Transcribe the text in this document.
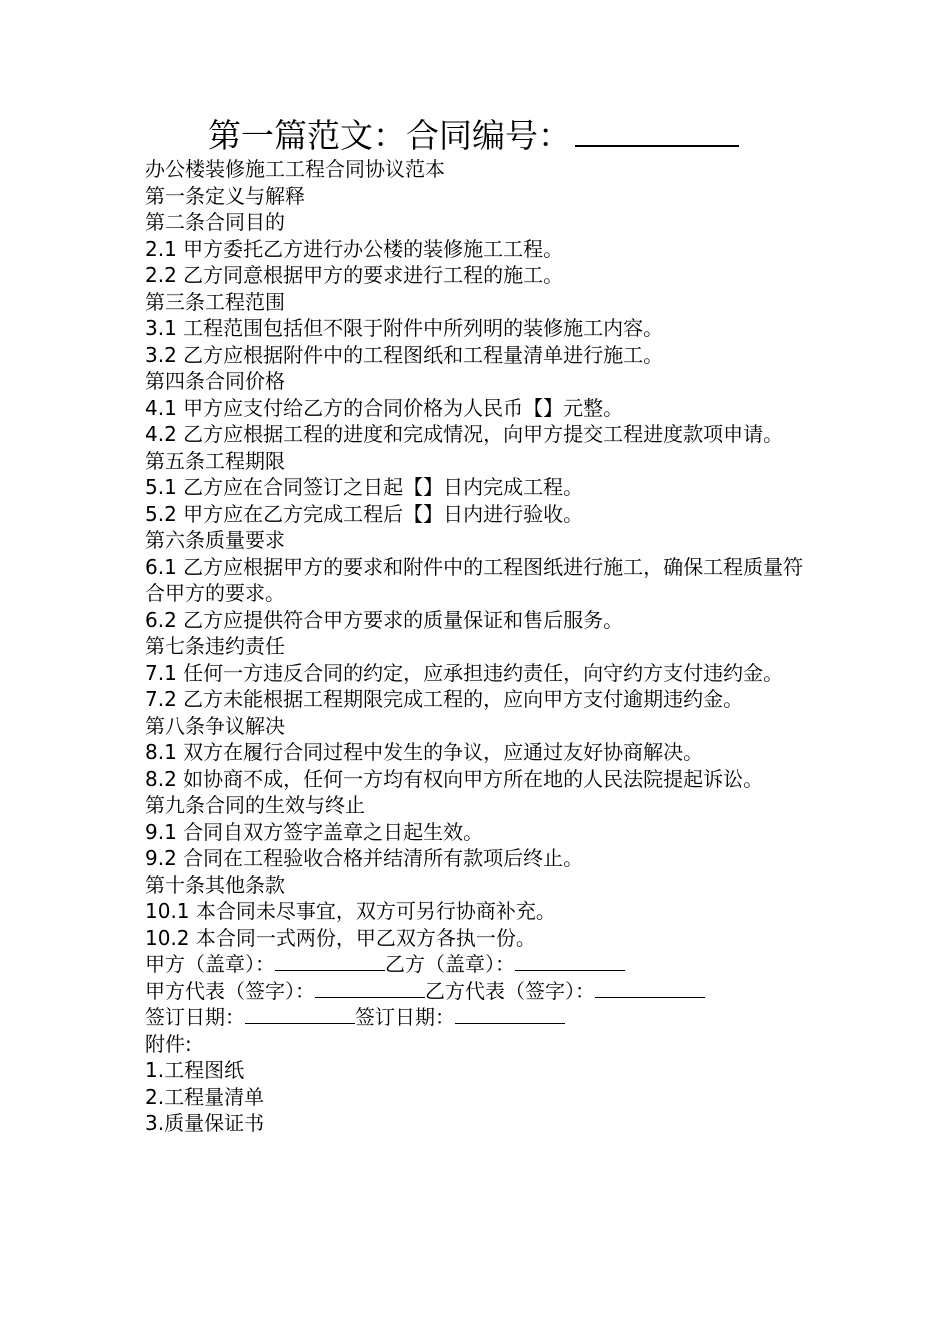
第一篇范文：合同编号：

办公楼装修施工工程合同协议范本

第一条定义与解释

第二条合同目的

2.1 甲方委托乙方进行办公楼的装修施工工程。

2.2 乙方同意根据甲方的要求进行工程的施工。

第三条工程范围

3.1 工程范围包括但不限于附件中所列明的装修施工内容。

3.2 乙方应根据附件中的工程图纸和工程量清单进行施工。

第四条合同价格

4.1 甲方应支付给乙方的合同价格为人民币【】元整。

4.2 乙方应根据工程的进度和完成情况，向甲方提交工程进度款项申请。

第五条工程期限

5.1 乙方应在合同签订之日起【】日内完成工程。

5.2 甲方应在乙方完成工程后【】日内进行验收。

第六条质量要求

6.1 乙方应根据甲方的要求和附件中的工程图纸进行施工，确保工程质量符合甲方的要求。

6.2 乙方应提供符合甲方要求的质量保证和售后服务。

第七条违约责任

7.1 任何一方违反合同的约定，应承担违约责任，向守约方支付违约金。

7.2 乙方未能根据工程期限完成工程的，应向甲方支付逾期违约金。

第八条争议解决

8.1 双方在履行合同过程中发生的争议，应通过友好协商解决。

8.2 如协商不成，任何一方均有权向甲方所在地的人民法院提起诉讼。

第九条合同的生效与终止

9.1 合同自双方签字盖章之日起生效。

9.2 合同在工程验收合格并结清所有款项后终止。

第十条其他条款

10.1 本合同未尽事宜，双方可另行协商补充。

10.2 本合同一式两份，甲乙双方各执一份。

甲方（盖章）：	乙方（盖章）：

甲方代表（签字）：	乙方代表（签字）：

签订日期：	签订日期：

附件:

1.工程图纸

2.工程量清单

3.质量保证书
